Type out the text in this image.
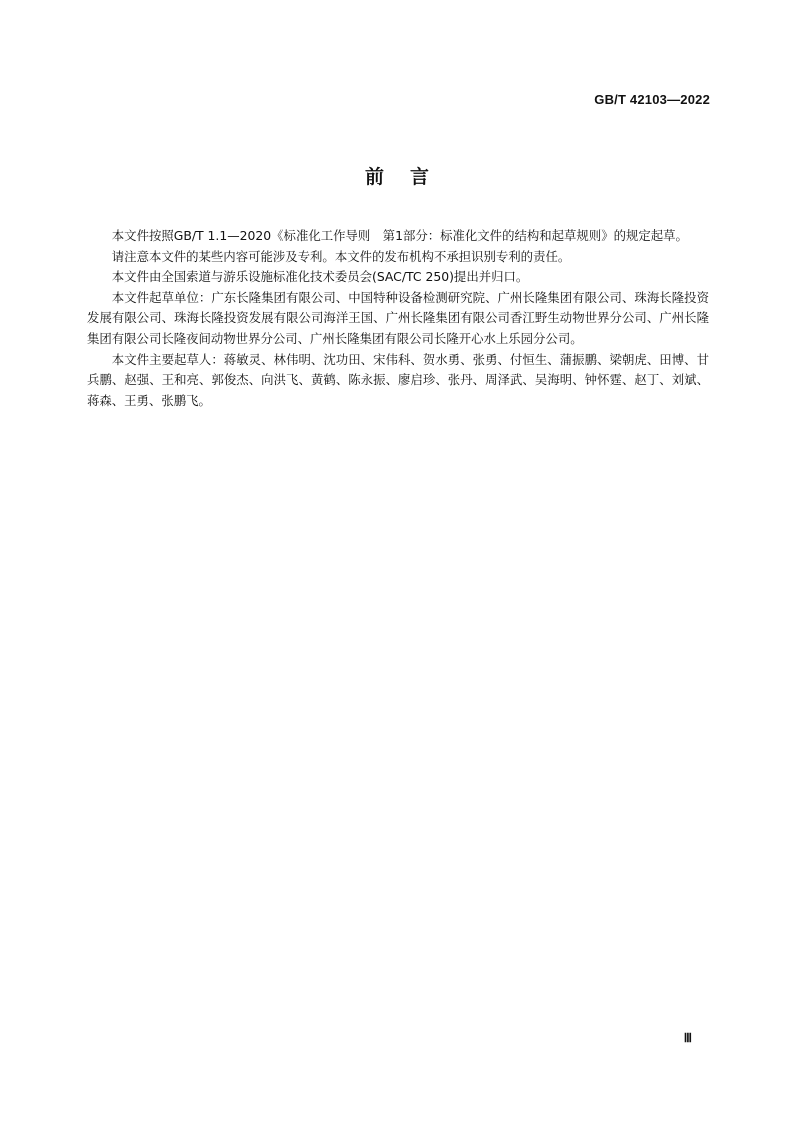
GB/T 42103—2022
前言

本文件按照GB/T 1.1—2020《标准化工作导则　第1部分：标准化文件的结构和起草规则》的规定起草。

请注意本文件的某些内容可能涉及专利。本文件的发布机构不承担识别专利的责任。

本文件由全国索道与游乐设施标准化技术委员会(SAC/TC 250)提出并归口。

本文件起草单位：广东长隆集团有限公司、中国特种设备检测研究院、广州长隆集团有限公司、珠海长隆投资发展有限公司、珠海长隆投资发展有限公司海洋王国、广州长隆集团有限公司香江野生动物世界分公司、广州长隆集团有限公司长隆夜间动物世界分公司、广州长隆集团有限公司长隆开心水上乐园分公司。

本文件主要起草人：蒋敏灵、林伟明、沈功田、宋伟科、贺水勇、张勇、付恒生、蒲振鹏、梁朝虎、田博、甘兵鹏、赵强、王和亮、郭俊杰、向洪飞、黄鹤、陈永振、廖启珍、张丹、周泽武、吴海明、钟怀霆、赵丁、刘斌、蒋森、王勇、张鹏飞。

Ⅲ
